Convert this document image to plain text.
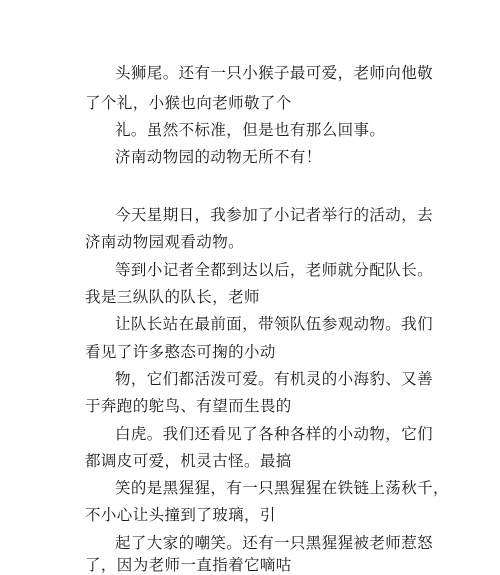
头狮尾。还有一只小猴子最可爱，老师向他敬
了个礼，小猴也向老师敬了个
礼。虽然不标准，但是也有那么回事。
济南动物园的动物无所不有！
今天星期日，我参加了小记者举行的活动，去
济南动物园观看动物。
等到小记者全都到达以后，老师就分配队长。
我是三纵队的队长，老师
让队长站在最前面，带领队伍参观动物。我们
看见了许多憨态可掬的小动
物，它们都活泼可爱。有机灵的小海豹、又善
于奔跑的鸵鸟、有望而生畏的
白虎。我们还看见了各种各样的小动物，它们
都调皮可爱，机灵古怪。最搞
笑的是黑猩猩，有一只黑猩猩在铁链上荡秋千，
不小心让头撞到了玻璃，引
起了大家的嘲笑。还有一只黑猩猩被老师惹怒
了，因为老师一直指着它嘀咕
